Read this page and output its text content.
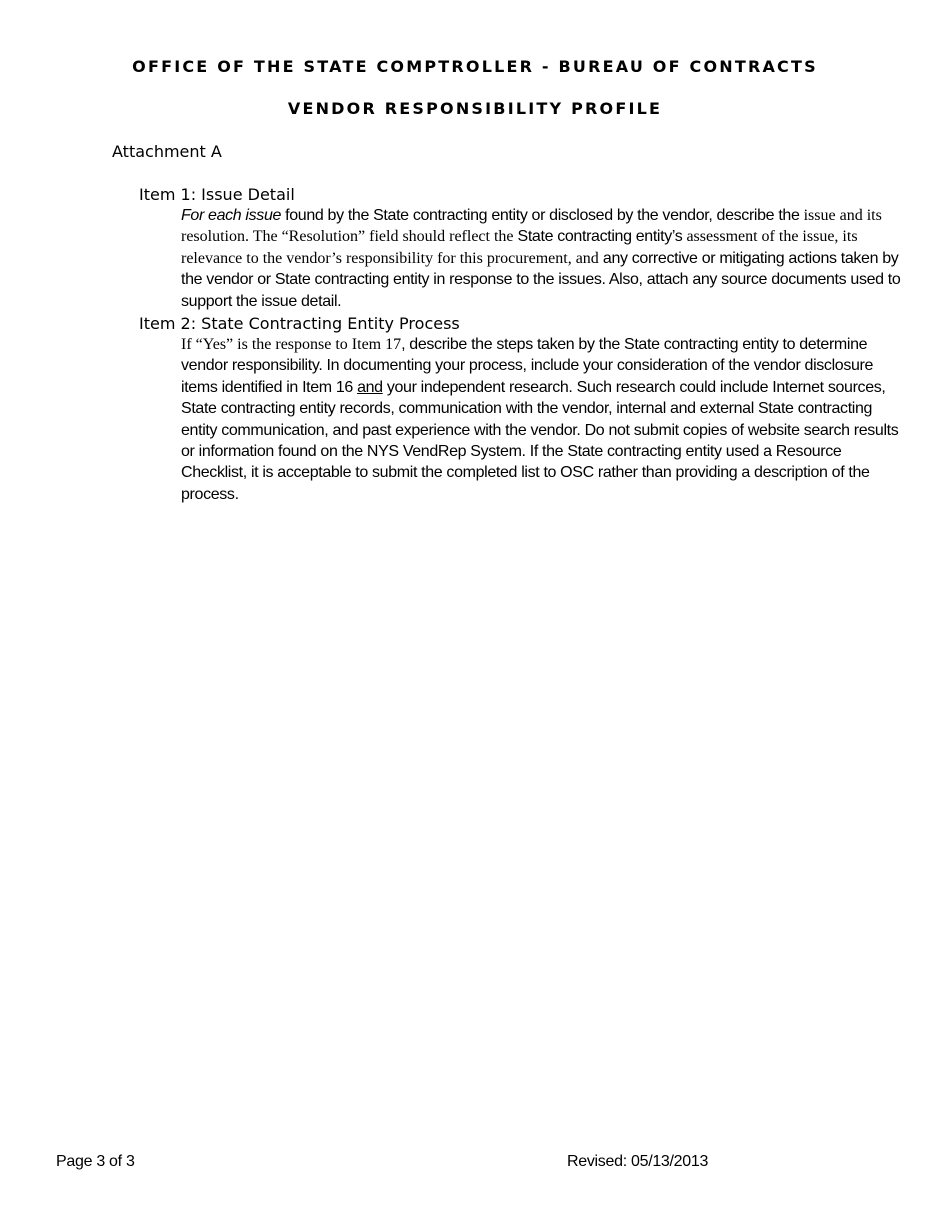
OFFICE OF THE STATE COMPTROLLER - BUREAU OF CONTRACTS
VENDOR RESPONSIBILITY PROFILE

Attachment A

Item 1: Issue Detail

For each issue found by the State contracting entity or disclosed by the vendor, describe the issue and its resolution. The “Resolution” field should reflect the State contracting entity’s assessment of the issue, its relevance to the vendor’s responsibility for this procurement, and any corrective or mitigating actions taken by the vendor or State contracting entity in response to the issues. Also, attach any source documents used to support the issue detail.

Item 2: State Contracting Entity Process

If “Yes” is the response to Item 17, describe the steps taken by the State contracting entity to determine vendor responsibility. In documenting your process, include your consideration of the vendor disclosure items identified in Item 16 and your independent research. Such research could include Internet sources, State contracting entity records, communication with the vendor, internal and external State contracting entity communication, and past experience with the vendor. Do not submit copies of website search results or information found on the NYS VendRep System. If the State contracting entity used a Resource Checklist, it is acceptable to submit the completed list to OSC rather than providing a description of the process.

Page 3 of 3	Revised: 05/13/2013
